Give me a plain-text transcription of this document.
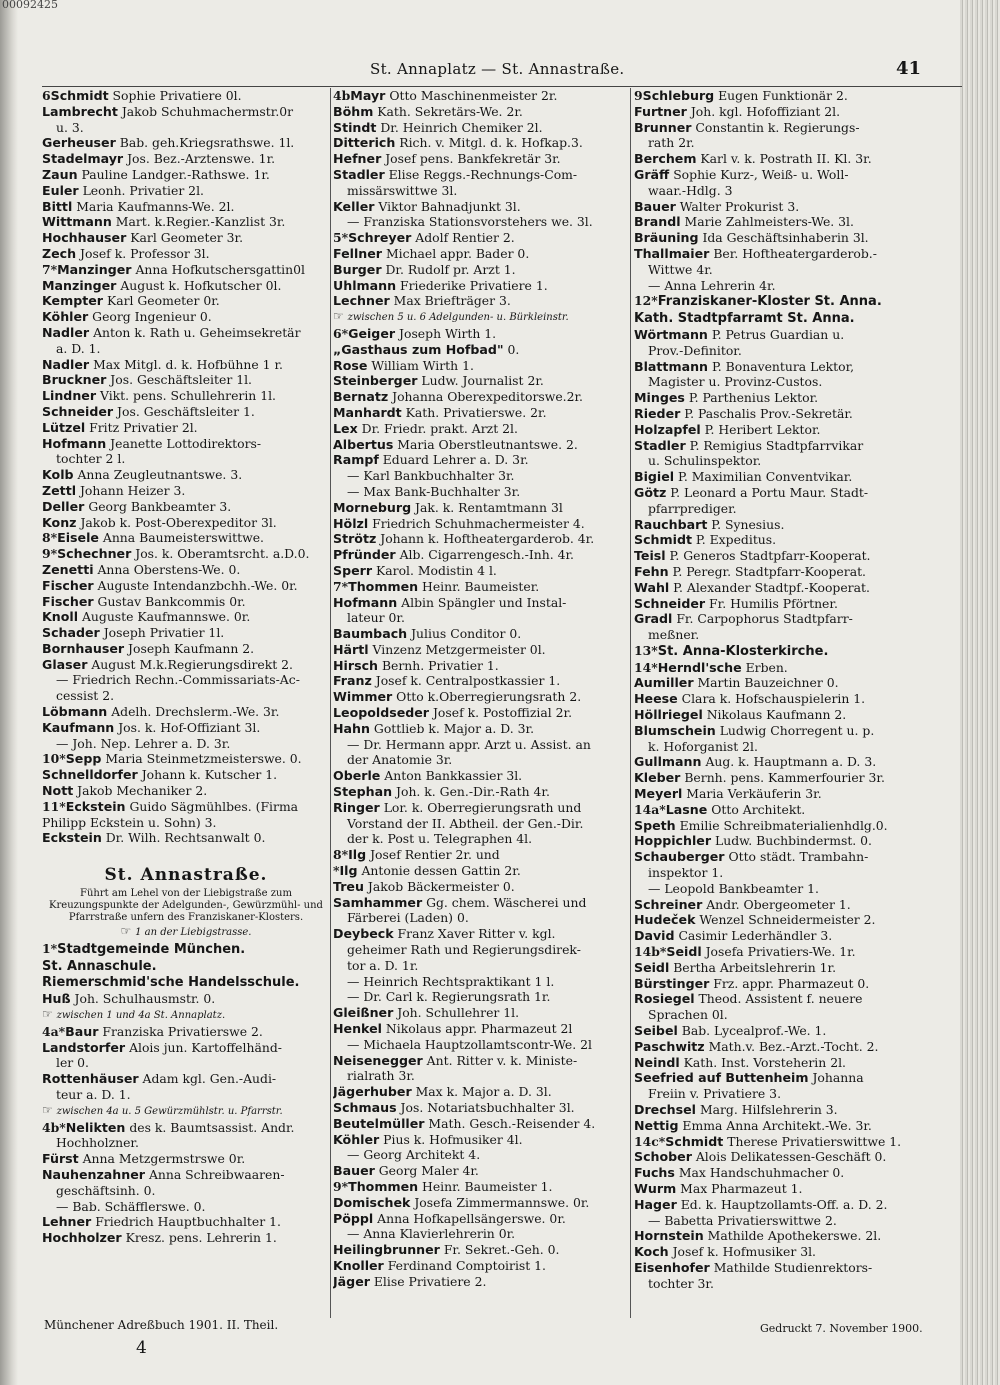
00092425
St. Annaplatz — St. Annastraße.	41
6Schmidt Sophie Privatiere 0l.
Lambrecht Jakob Schuhmachermstr.0r
u. 3.
Gerheuser Bab. geh.Kriegsrathswe. 1l.
Stadelmayr Jos. Bez.-Arztenswe. 1r.
Zaun Pauline Landger.-Rathswe. 1r.
Euler Leonh. Privatier 2l.
Bittl Maria Kaufmanns-We. 2l.
Wittmann Mart. k.Regier.-Kanzlist 3r.
Hochhauser Karl Geometer 3r.
Zech Josef k. Professor 3l.
7*Manzinger Anna Hofkutschersgattin0l
Manzinger August k. Hofkutscher 0l.
Kempter Karl Geometer 0r.
Köhler Georg Ingenieur 0.
Nadler Anton k. Rath u. Geheimsekretär
a. D. 1.
Nadler Max Mitgl. d. k. Hofbühne 1 r.
Bruckner Jos. Geschäftsleiter 1l.
Lindner Vikt. pens. Schullehrerin 1l.
Schneider Jos. Geschäftsleiter 1.
Lützel Fritz Privatier 2l.
Hofmann Jeanette Lottodirektors-
tochter 2 l.
Kolb Anna Zeugleutnantswe. 3.
Zettl Johann Heizer 3.
Deller Georg Bankbeamter 3.
Konz Jakob k. Post-Oberexpeditor 3l.
8*Eisele Anna Baumeisterswittwe.
9*Schechner Jos. k. Oberamtsrcht. a.D.0.
Zenetti Anna Oberstens-We. 0.
Fischer Auguste Intendanzbchh.-We. 0r.
Fischer Gustav Bankcommis 0r.
Knoll Auguste Kaufmannswe. 0r.
Schader Joseph Privatier 1l.
Bornhauser Joseph Kaufmann 2.
Glaser August M.k.Regierungsdirekt 2.
— Friedrich Rechn.-Commissariats-Ac-
cessist 2.
Löbmann Adelh. Drechslerm.-We. 3r.
Kaufmann Jos. k. Hof-Offiziant 3l.
— Joh. Nep. Lehrer a. D. 3r.
10*Sepp Maria Steinmetzmeisterswe. 0.
Schnelldorfer Johann k. Kutscher 1.
Nott Jakob Mechaniker 2.
11*Eckstein Guido Sägmühlbes. (Firma
Philipp Eckstein u. Sohn) 3.
Eckstein Dr. Wilh. Rechtsanwalt 0.
St. Annastraße.
Führt am Lehel von der Liebigstraße zum Kreuzungspunkte der Adelgunden-, Gewürzmühl- und Pfarrstraße unfern des Franziskaner-Klosters.
☞ 1 an der Liebigstrasse.
1*Stadtgemeinde München.
St. Annaschule.
Riemerschmid'sche Handelsschule.
Huß Joh. Schulhausmstr. 0.
☞ zwischen 1 und 4a St. Annaplatz.
4a*Baur Franziska Privatierswe 2.
Landstorfer Alois jun. Kartoffelhänd-
ler 0.
Rottenhäuser Adam kgl. Gen.-Audi-
teur a. D. 1.
☞ zwischen 4a u. 5 Gewürzmühlstr. u. Pfarrstr.
4b*Nelikten des k. Baumtsassist. Andr.
Hochholzner.
Fürst Anna Metzgermstrswe 0r.
Nauhenzahner Anna Schreibwaaren-
geschäftsinh. 0.
— Bab. Schäfflerswe. 0.
Lehner Friedrich Hauptbuchhalter 1.
Hochholzer Kresz. pens. Lehrerin 1.
4bMayr Otto Maschinenmeister 2r.
Böhm Kath. Sekretärs-We. 2r.
Stindt Dr. Heinrich Chemiker 2l.
Ditterich Rich. v. Mitgl. d. k. Hofkap.3.
Hefner Josef pens. Bankfekretär 3r.
Stadler Elise Reggs.-Rechnungs-Com-
missärswittwe 3l.
Keller Viktor Bahnadjunkt 3l.
— Franziska Stationsvorstehers we. 3l.
5*Schreyer Adolf Rentier 2.
Fellner Michael appr. Bader 0.
Burger Dr. Rudolf pr. Arzt 1.
Uhlmann Friederike Privatiere 1.
Lechner Max Briefträger 3.
☞ zwischen 5 u. 6 Adelgunden- u. Bürkleinstr.
6*Geiger Joseph Wirth 1.
„Gasthaus zum Hofbad" 0.
Rose William Wirth 1.
Steinberger Ludw. Journalist 2r.
Bernatz Johanna Oberexpeditorswe.2r.
Manhardt Kath. Privatierswe. 2r.
Lex Dr. Friedr. prakt. Arzt 2l.
Albertus Maria Oberstleutnantswe. 2.
Rampf Eduard Lehrer a. D. 3r.
— Karl Bankbuchhalter 3r.
— Max Bank-Buchhalter 3r.
Morneburg Jak. k. Rentamtmann 3l
Hölzl Friedrich Schuhmachermeister 4.
Strötz Johann k. Hoftheatergarderob. 4r.
Pfründer Alb. Cigarrengesch.-Inh. 4r.
Sperr Karol. Modistin 4 l.
7*Thommen Heinr. Baumeister.
Hofmann Albin Spängler und Instal-
lateur 0r.
Baumbach Julius Conditor 0.
Härtl Vinzenz Metzgermeister 0l.
Hirsch Bernh. Privatier 1.
Franz Josef k. Centralpostkassier 1.
Wimmer Otto k.Oberregierungsrath 2.
Leopoldseder Josef k. Postoffizial 2r.
Hahn Gottlieb k. Major a. D. 3r.
— Dr. Hermann appr. Arzt u. Assist. an
der Anatomie 3r.
Oberle Anton Bankkassier 3l.
Stephan Joh. k. Gen.-Dir.-Rath 4r.
Ringer Lor. k. Oberregierungsrath und
Vorstand der II. Abtheil. der Gen.-Dir.
der k. Post u. Telegraphen 4l.
8*Ilg Josef Rentier 2r. und
*Ilg Antonie dessen Gattin 2r.
Treu Jakob Bäckermeister 0.
Samhammer Gg. chem. Wäscherei und
Färberei (Laden) 0.
Deybeck Franz Xaver Ritter v. kgl.
geheimer Rath und Regierungsdirek-
tor a. D. 1r.
— Heinrich Rechtspraktikant 1 l.
— Dr. Carl k. Regierungsrath 1r.
Gleißner Joh. Schullehrer 1l.
Henkel Nikolaus appr. Pharmazeut 2l
— Michaela Hauptzollamtscontr-We. 2l
Neisenegger Ant. Ritter v. k. Ministe-
rialrath 3r.
Jägerhuber Max k. Major a. D. 3l.
Schmaus Jos. Notariatsbuchhalter 3l.
Beutelmüller Math. Gesch.-Reisender 4.
Köhler Pius k. Hofmusiker 4l.
— Georg Architekt 4.
Bauer Georg Maler 4r.
9*Thommen Heinr. Baumeister 1.
Domischek Josefa Zimmermannswe. 0r.
Pöppl Anna Hofkapellsängerswe. 0r.
— Anna Klavierlehrerin 0r.
Heilingbrunner Fr. Sekret.-Geh. 0.
Knoller Ferdinand Comptoirist 1.
Jäger Elise Privatiere 2.
9Schleburg Eugen Funktionär 2.
Furtner Joh. kgl. Hofoffiziant 2l.
Brunner Constantin k. Regierungs-
rath 2r.
Berchem Karl v. k. Postrath II. Kl. 3r.
Gräff Sophie Kurz-, Weiß- u. Woll-
waar.-Hdlg. 3
Bauer Walter Prokurist 3.
Brandl Marie Zahlmeisters-We. 3l.
Bräuning Ida Geschäftsinhaberin 3l.
Thallmaier Ber. Hoftheatergarderob.-
Wittwe 4r.
— Anna Lehrerin 4r.
12*Franziskaner-Kloster St. Anna.
Kath. Stadtpfarramt St. Anna.
Wörtmann P. Petrus Guardian u.
Prov.-Definitor.
Blattmann P. Bonaventura Lektor,
Magister u. Provinz-Custos.
Minges P. Parthenius Lektor.
Rieder P. Paschalis Prov.-Sekretär.
Holzapfel P. Heribert Lektor.
Stadler P. Remigius Stadtpfarrvikar
u. Schulinspektor.
Bigiel P. Maximilian Conventvikar.
Götz P. Leonard a Portu Maur. Stadt-
pfarrprediger.
Rauchbart P. Synesius.
Schmidt P. Expeditus.
Teisl P. Generos Stadtpfarr-Kooperat.
Fehn P. Peregr. Stadtpfarr-Kooperat.
Wahl P. Alexander Stadtpf.-Kooperat.
Schneider Fr. Humilis Pförtner.
Gradl Fr. Carpophorus Stadtpfarr-
meßner.
13*St. Anna-Klosterkirche.
14*Herndl'sche Erben.
Aumiller Martin Bauzeichner 0.
Heese Clara k. Hofschauspielerin 1.
Höllriegel Nikolaus Kaufmann 2.
Blumschein Ludwig Chorregent u. p.
k. Hoforganist 2l.
Gullmann Aug. k. Hauptmann a. D. 3.
Kleber Bernh. pens. Kammerfourier 3r.
Meyerl Maria Verkäuferin 3r.
14a*Lasne Otto Architekt.
Speth Emilie Schreibmaterialienhdlg.0.
Hoppichler Ludw. Buchbindermst. 0.
Schauberger Otto städt. Trambahn-
inspektor 1.
— Leopold Bankbeamter 1.
Schreiner Andr. Obergeometer 1.
Hudeček Wenzel Schneidermeister 2.
David Casimir Lederhändler 3.
14b*Seidl Josefa Privatiers-We. 1r.
Seidl Bertha Arbeitslehrerin 1r.
Bürstinger Frz. appr. Pharmazeut 0.
Rosiegel Theod. Assistent f. neuere
Sprachen 0l.
Seibel Bab. Lycealprof.-We. 1.
Paschwitz Math.v. Bez.-Arzt.-Tocht. 2.
Neindl Kath. Inst. Vorsteherin 2l.
Seefried auf Buttenheim Johanna
Freiin v. Privatiere 3.
Drechsel Marg. Hilfslehrerin 3.
Nettig Emma Anna Architekt.-We. 3r.
14c*Schmidt Therese Privatierswittwe 1.
Schober Alois Delikatessen-Geschäft 0.
Fuchs Max Handschuhmacher 0.
Wurm Max Pharmazeut 1.
Hager Ed. k. Hauptzollamts-Off. a. D. 2.
— Babetta Privatierswittwe 2.
Hornstein Mathilde Apothekerswe. 2l.
Koch Josef k. Hofmusiker 3l.
Eisenhofer Mathilde Studienrektors-
tochter 3r.
Münchener Adreßbuch 1901. II. Theil.
4
Gedruckt 7. November 1900.
